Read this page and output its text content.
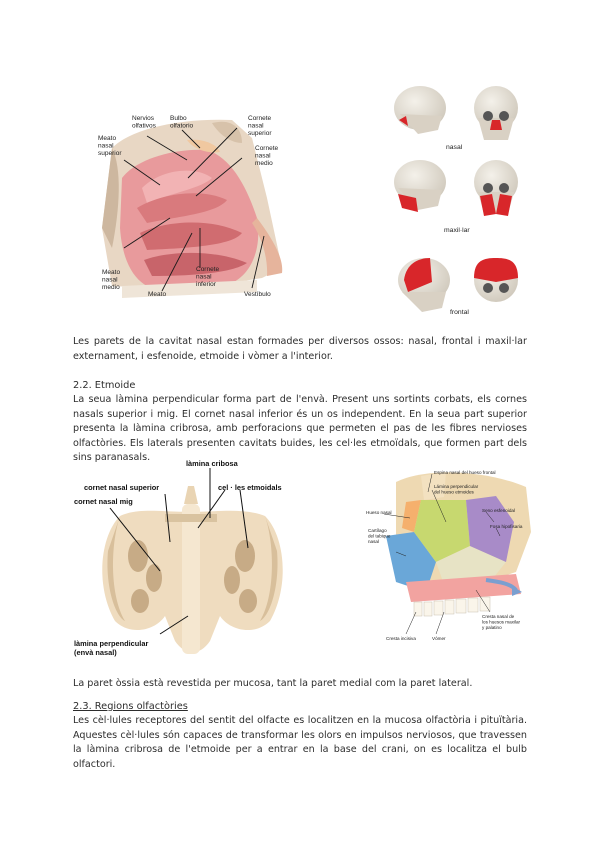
Nervios olfativos
Bulbo olfatorio
Cornete nasal superior
Cornete nasal medio
Meato nasal superior
Meato nasal medio
Meato
Cornete nasal inferior
Vestíbulo
nasal
maxil·lar
frontal

Les parets de la cavitat nasal estan formades per diversos ossos: nasal, frontal i maxil·lar externament, i esfenoide, etmoide i vòmer a l'interior.

2.2. Etmoide

La seua làmina perpendicular forma part de l'envà. Present uns sortints corbats, els cornes nasals superior i mig. El cornet nasal inferior és un os independent. En la seua part superior presenta la làmina cribrosa, amb perforacions que permeten el pas de les fibres nervioses olfactòries. Els laterals presenten cavitats buides, les cel·les etmoïdals, que formen part dels sins paranasals.

làmina cribosa
cornet nasal superior
cornet nasal mig
cel · les etmoidals
làmina perpendicular (envà nasal)
Espina nasal del hueso frontal
Lámina perpendicular del hueso etmoides
Seno esfenoidal
Fosa hipofisaria
Hueso nasal
Cartílago del tabique nasal
Cresta nasal de los huesos maxilar y palatino
Cresta incisiva	Vómer

La paret òssia està revestida per mucosa, tant la paret medial com la paret lateral.

2.3. Regions olfactòries

Les cèl·lules receptores del sentit del olfacte es localitzen en la mucosa olfactòria i pituïtària. Aquestes cèl·lules són capaces de transformar les olors en impulsos nerviosos, que travessen la làmina cribrosa de l'etmoide per a entrar en la base del crani, on es localitza el bulb olfactori.
